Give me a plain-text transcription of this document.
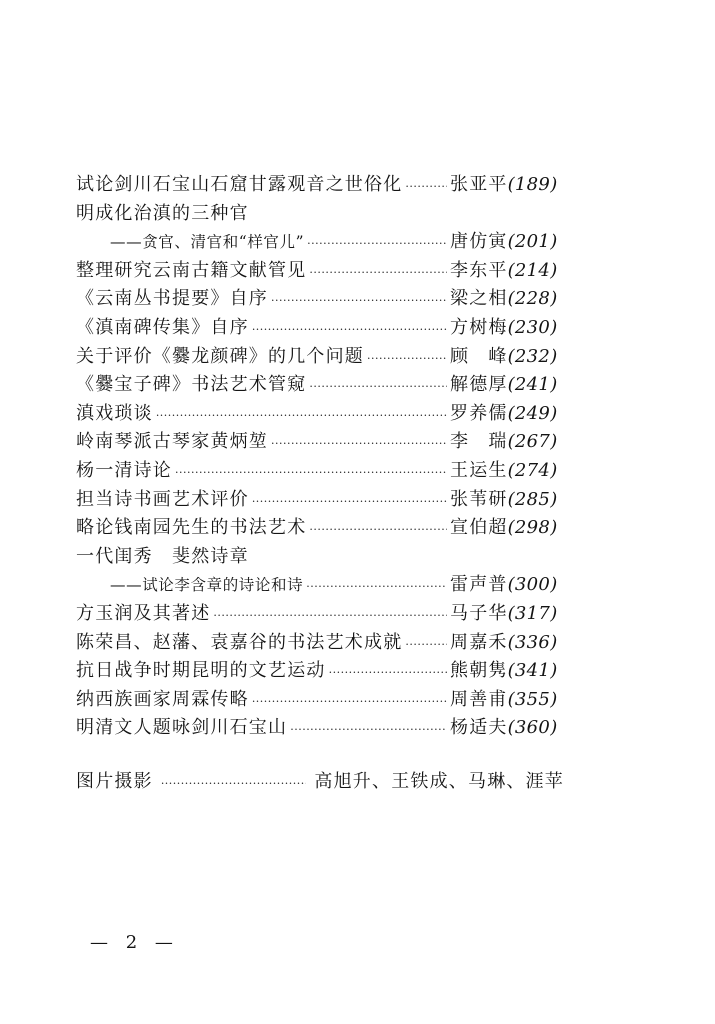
试论剑川石宝山石窟甘露观音之世俗化 ·····	张亚平(189)
明成化治滇的三种官
——贪官、清官和“样官儿” ·····	唐仿寅(201)
整理研究云南古籍文献管见 ·····	李东平(214)
《云南丛书提要》自序 ·····	梁之相(228)
《滇南碑传集》自序 ·····	方树梅(230)
关于评价《爨龙颜碑》的几个问题 ·····	顾　峰(232)
《爨宝子碑》书法艺术管窥 ·····	解德厚(241)
滇戏琐谈 ·····	罗养儒(249)
岭南琴派古琴家黄炳堃 ·····	李　瑞(267)
杨一清诗论 ·····	王运生(274)
担当诗书画艺术评价 ·····	张苇研(285)
略论钱南园先生的书法艺术 ·····	宣伯超(298)
一代闺秀　斐然诗章
——试论李含章的诗论和诗 ·····	雷声普(300)
方玉润及其著述 ·····	马子华(317)
陈荣昌、赵藩、袁嘉谷的书法艺术成就 ·····	周嘉禾(336)
抗日战争时期昆明的文艺运动 ·····	熊朝隽(341)
纳西族画家周霖传略 ·····	周善甫(355)
明清文人题咏剑川石宝山 ·····	杨适夫(360)
图片摄影 ·····	高旭升、王铁成、马琳、涯苹
— 2 —
